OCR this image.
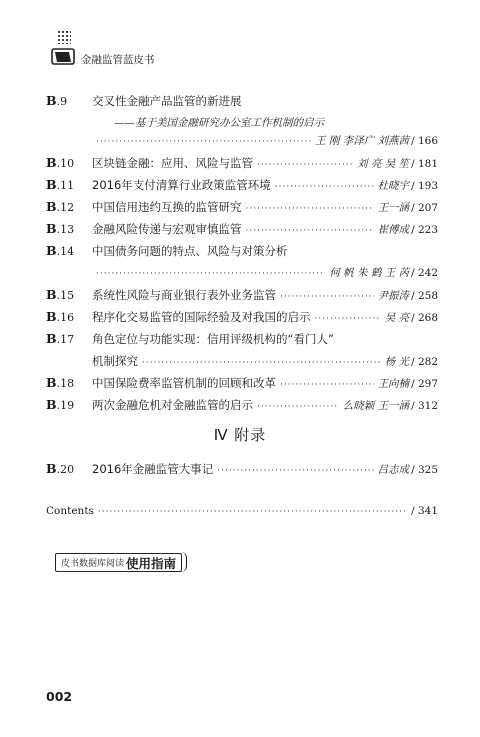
金融监管蓝皮书
B.9	交叉性金融产品监管的新进展
——基于美国金融研究办公室工作机制的启示
·····
王 刚 李泽广 刘燕茜 / 166
B.10	区块链金融：应用、风险与监管 ·····	刘 亮 吴 笙 / 181
B.11	2016年支付清算行业政策监管环境 ·····	杜晓宇 / 193
B.12	中国信用违约互换的监管研究 ·····	王一涵 / 207
B.13	金融风险传递与宏观审慎监管 ·····	崔傅成 / 223
B.14	中国债务问题的特点、风险与对策分析
·····
何 帆 朱 鹤 王 芮 / 242
B.15	系统性风险与商业银行表外业务监管 ·····	尹振涛 / 258
B.16	程序化交易监管的国际经验及对我国的启示 ·····	吴 亮 / 268
B.17	角色定位与功能实现：信用评级机构的“看门人”
机制探究 ·····	杨 光 / 282
B.18	中国保险费率监管机制的回顾和改革 ·····	王向楠 / 297
B.19	两次金融危机对金融监管的启示 ·····	么晓颖 王一涵 / 312
Ⅳ 附录
B.20	2016年金融监管大事记 ·····	吕志成 / 325
Contents ·····	/ 341
皮书数据库阅读 使用指南
002
